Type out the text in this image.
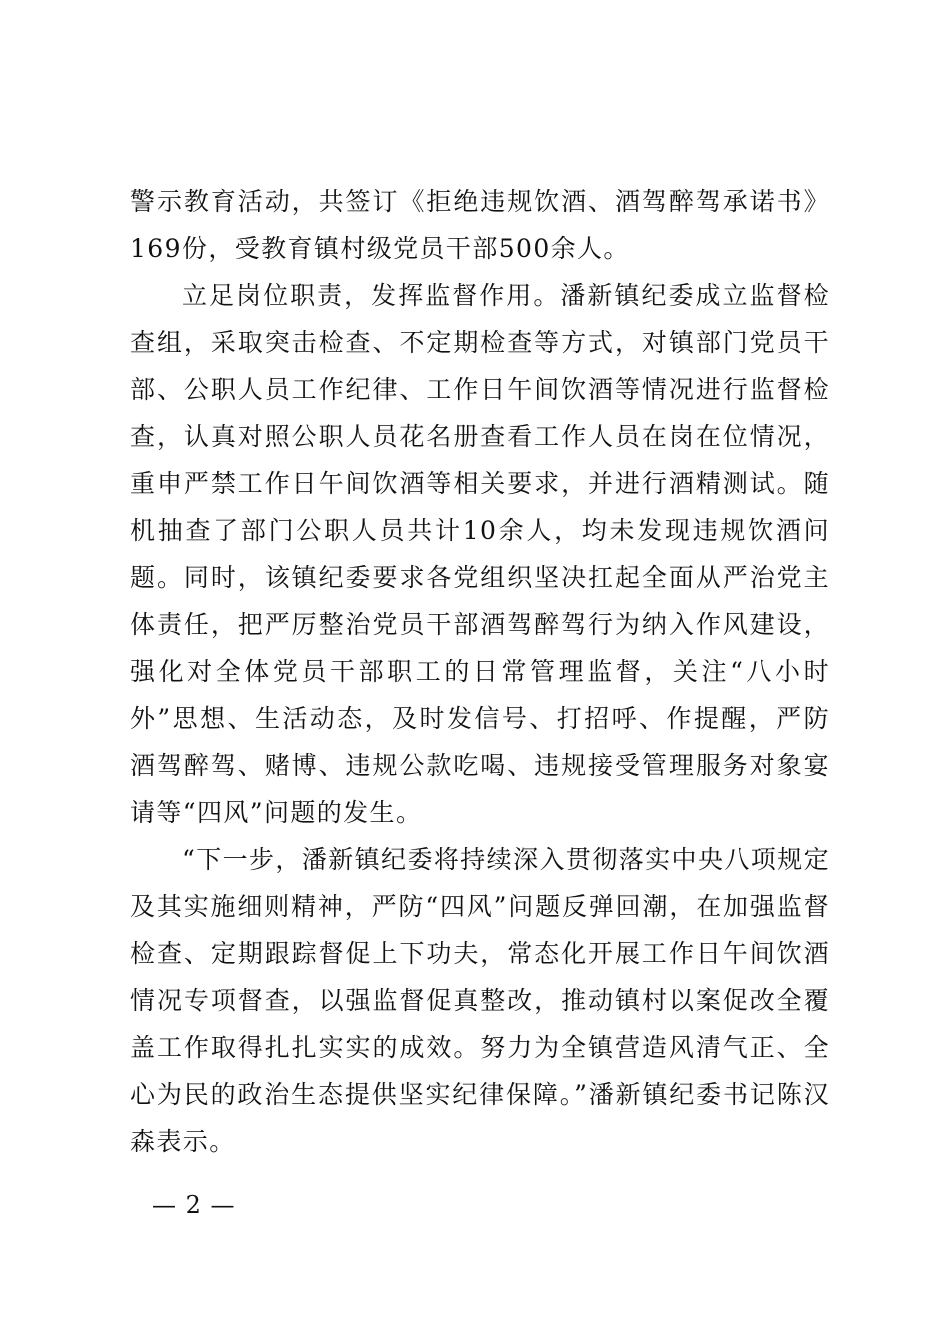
警示教育活动，共签订《拒绝违规饮酒、酒驾醉驾承诺书》169份，受教育镇村级党员干部500余人。

立足岗位职责，发挥监督作用。潘新镇纪委成立监督检查组，采取突击检查、不定期检查等方式，对镇部门党员干部、公职人员工作纪律、工作日午间饮酒等情况进行监督检查，认真对照公职人员花名册查看工作人员在岗在位情况，重申严禁工作日午间饮酒等相关要求，并进行酒精测试。随机抽查了部门公职人员共计10余人，均未发现违规饮酒问题。同时，该镇纪委要求各党组织坚决扛起全面从严治党主体责任，把严厉整治党员干部酒驾醉驾行为纳入作风建设，强化对全体党员干部职工的日常管理监督，关注“八小时外”思想、生活动态，及时发信号、打招呼、作提醒，严防酒驾醉驾、赌博、违规公款吃喝、违规接受管理服务对象宴请等“四风”问题的发生。

“下一步，潘新镇纪委将持续深入贯彻落实中央八项规定及其实施细则精神，严防“四风”问题反弹回潮，在加强监督检查、定期跟踪督促上下功夫，常态化开展工作日午间饮酒情况专项督查，以强监督促真整改，推动镇村以案促改全覆盖工作取得扎扎实实的成效。努力为全镇营造风清气正、全心为民的政治生态提供坚实纪律保障。”潘新镇纪委书记陈汉森表示。

— 2 —
